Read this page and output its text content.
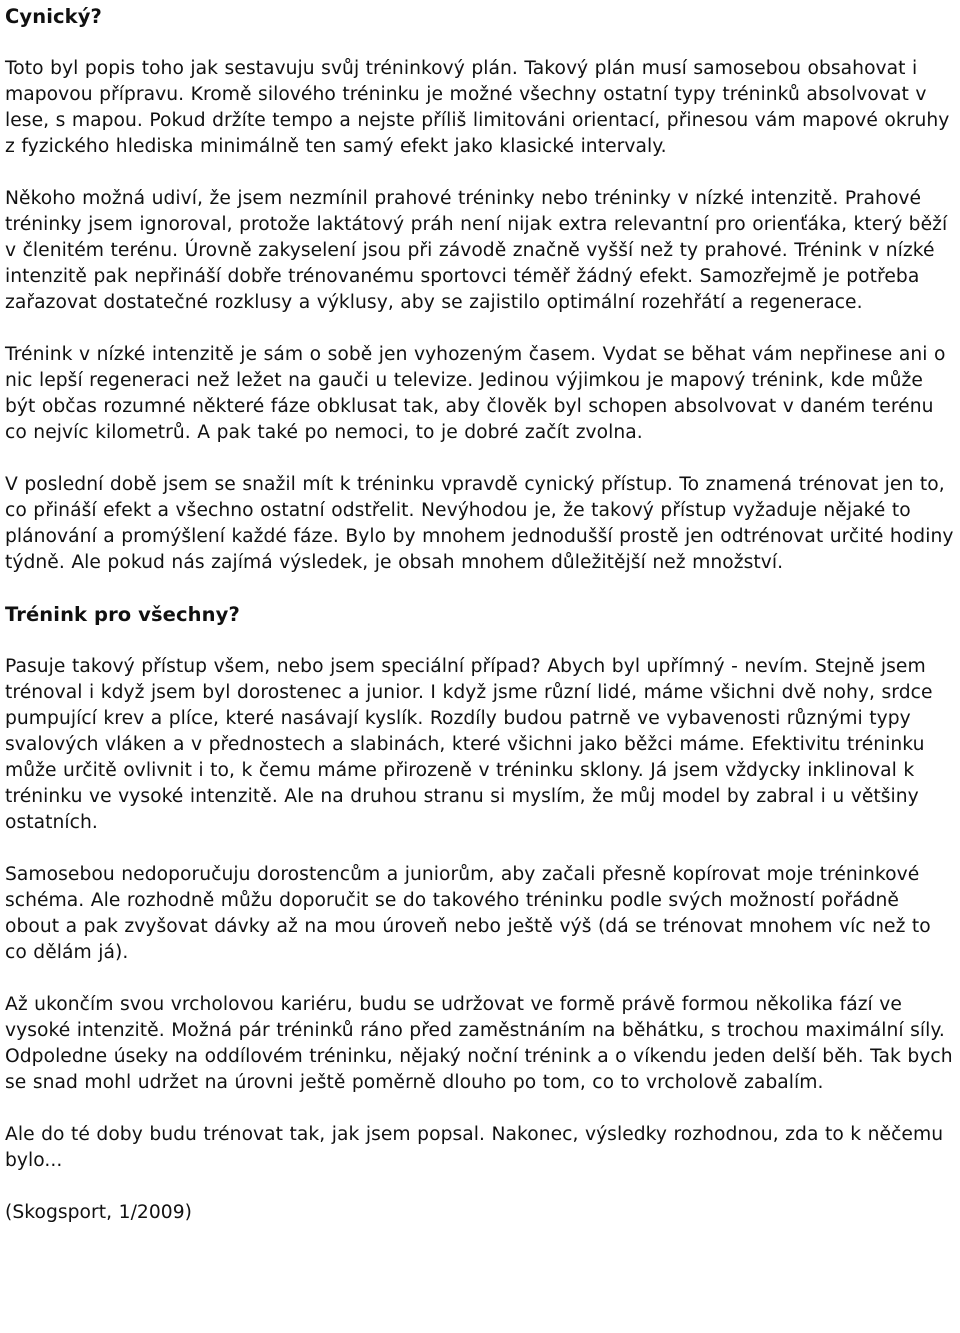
Cynický?

Toto byl popis toho jak sestavuju svůj tréninkový plán. Takový plán musí samosebou obsahovat i mapovou přípravu. Kromě silového tréninku je možné všechny ostatní typy tréninků absolvovat v lese, s mapou. Pokud držíte tempo a nejste příliš limitováni orientací, přinesou vám mapové okruhy z fyzického hlediska minimálně ten samý efekt jako klasické intervaly.

Někoho možná udiví, že jsem nezmínil prahové tréninky nebo tréninky v nízké intenzitě. Prahové tréninky jsem ignoroval, protože laktátový práh není nijak extra relevantní pro orienťáka, který běží v členitém terénu. Úrovně zakyselení jsou při závodě značně vyšší než ty prahové. Trénink v nízké intenzitě pak nepřináší dobře trénovanému sportovci téměř žádný efekt. Samozřejmě je potřeba zařazovat dostatečné rozklusy a výklusy, aby se zajistilo optimální rozehřátí a regenerace.

Trénink v nízké intenzitě je sám o sobě jen vyhozeným časem. Vydat se běhat vám nepřinese ani o nic lepší regeneraci než ležet na gauči u televize. Jedinou výjimkou je mapový trénink, kde může být občas rozumné některé fáze obklusat tak, aby člověk byl schopen absolvovat v daném terénu co nejvíc kilometrů. A pak také po nemoci, to je dobré začít zvolna.

V poslední době jsem se snažil mít k tréninku vpravdě cynický přístup. To znamená trénovat jen to, co přináší efekt a všechno ostatní odstřelit. Nevýhodou je, že takový přístup vyžaduje nějaké to plánování a promýšlení každé fáze. Bylo by mnohem jednodušší prostě jen odtrénovat určité hodiny týdně. Ale pokud nás zajímá výsledek, je obsah mnohem důležitější než množství.

Trénink pro všechny?

Pasuje takový přístup všem, nebo jsem speciální případ? Abych byl upřímný - nevím. Stejně jsem trénoval i když jsem byl dorostenec a junior. I když jsme různí lidé, máme všichni dvě nohy, srdce pumpující krev a plíce, které nasávají kyslík. Rozdíly budou patrně ve vybavenosti různými typy svalových vláken a v přednostech a slabinách, které všichni jako běžci máme. Efektivitu tréninku může určitě ovlivnit i to, k čemu máme přirozeně v tréninku sklony. Já jsem vždycky inklinoval k tréninku ve vysoké intenzitě. Ale na druhou stranu si myslím, že můj model by zabral i u většiny ostatních.

Samosebou nedoporučuju dorostencům a juniorům, aby začali přesně kopírovat moje tréninkové schéma. Ale rozhodně můžu doporučit se do takového tréninku podle svých možností pořádně obout a pak zvyšovat dávky až na mou úroveň nebo ještě výš (dá se trénovat mnohem víc než to co dělám já).

Až ukončím svou vrcholovou kariéru, budu se udržovat ve formě právě formou několika fází ve vysoké intenzitě. Možná pár tréninků ráno před zaměstnáním na běhátku, s trochou maximální síly. Odpoledne úseky na oddílovém tréninku, nějaký noční trénink a o víkendu jeden delší běh. Tak bych se snad mohl udržet na úrovni ještě poměrně dlouho po tom, co to vrcholově zabalím.

Ale do té doby budu trénovat tak, jak jsem popsal. Nakonec, výsledky rozhodnou, zda to k něčemu bylo...

(Skogsport, 1/2009)
